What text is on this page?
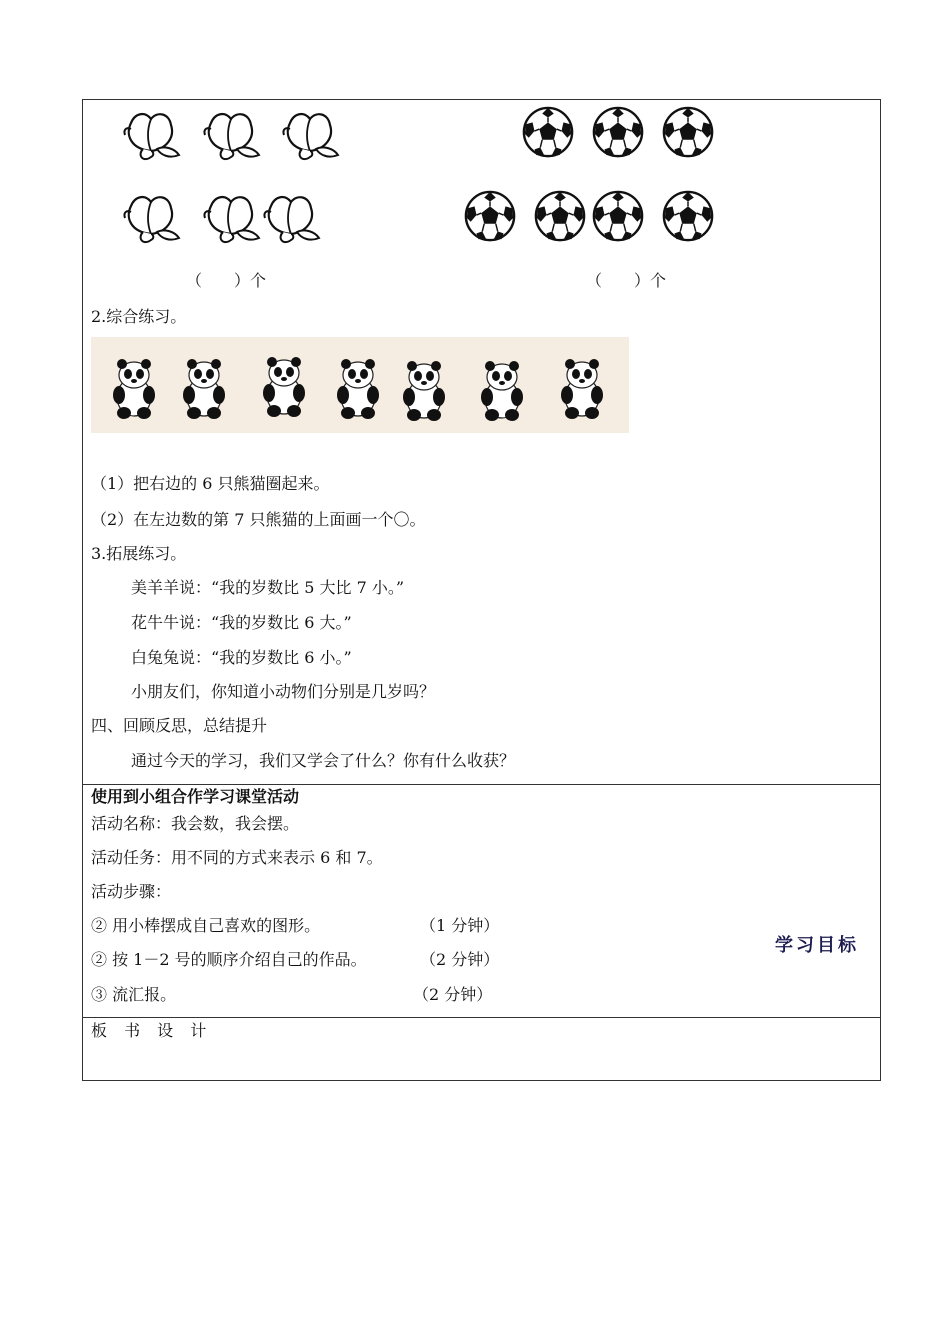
（　　）个	（　　）个
2.综合练习。
（1）把右边的 6 只熊猫圈起来。
（2）在左边数的第 7 只熊猫的上面画一个〇。
3.拓展练习。
美羊羊说：“我的岁数比 5 大比 7 小。”
花牛牛说：“我的岁数比 6 大。”
白兔兔说：“我的岁数比 6 小。”
小朋友们，你知道小动物们分别是几岁吗？
四、回顾反思，总结提升
通过今天的学习，我们又学会了什么？你有什么收获？
使用到小组合作学习课堂活动
活动名称：我会数，我会摆。
活动任务：用不同的方式来表示 6 和 7。
活动步骤：
② 用小棒摆成自己喜欢的图形。	（1 分钟）
② 按 1－2 号的顺序介绍自己的作品。	（2 分钟）
③ 流汇报。	（2 分钟）
学习目标
板 书 设 计
